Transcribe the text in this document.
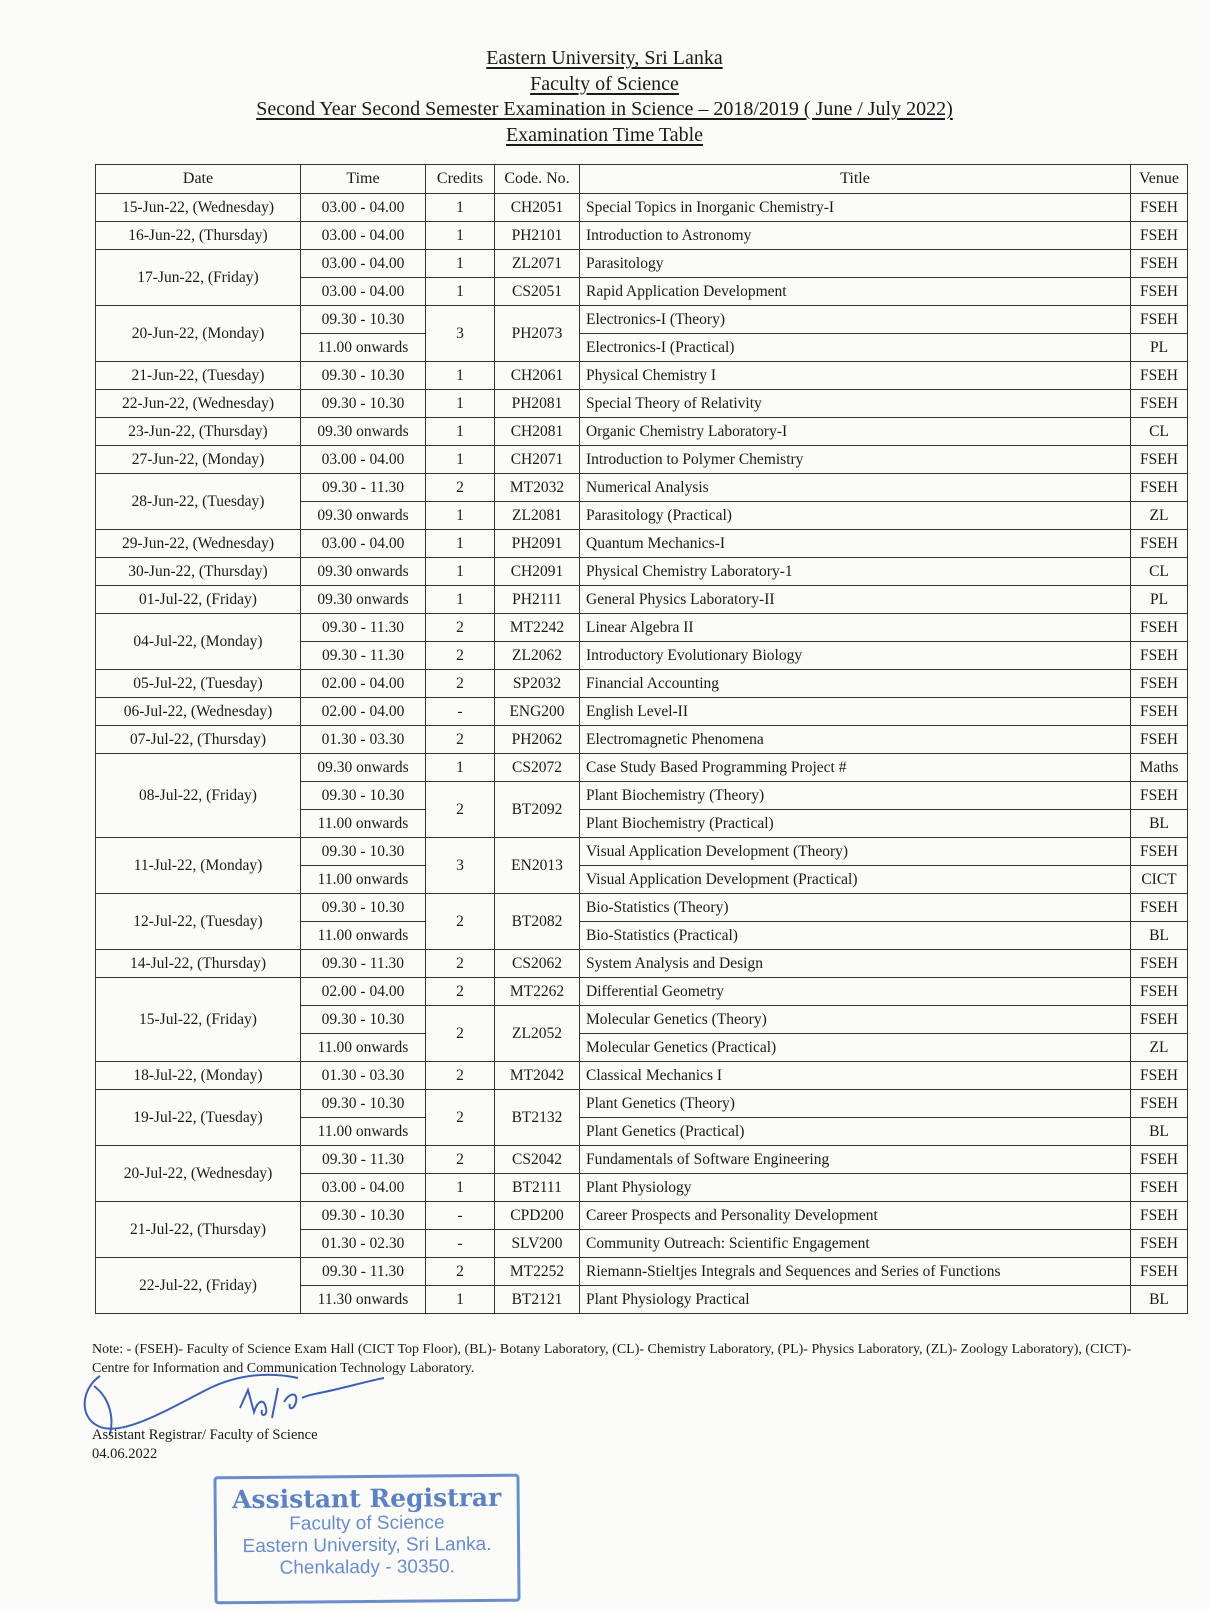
Eastern University, Sri Lanka
Faculty of Science
Second Year Second Semester Examination in Science – 2018/2019 ( June / July 2022)
Examination Time Table
Date	Time	Credits	Code. No.	Title	Venue
15-Jun-22, (Wednesday)	03.00 - 04.00	1	CH2051	Special Topics in Inorganic Chemistry-I	FSEH
16-Jun-22, (Thursday)	03.00 - 04.00	1	PH2101	Introduction to Astronomy	FSEH
17-Jun-22, (Friday)	03.00 - 04.00	1	ZL2071	Parasitology	FSEH
	03.00 - 04.00	1	CS2051	Rapid Application Development	FSEH
20-Jun-22, (Monday)	09.30 - 10.30	3	PH2073	Electronics-I (Theory)	FSEH
	11.00 onwards			Electronics-I (Practical)	PL
21-Jun-22, (Tuesday)	09.30 - 10.30	1	CH2061	Physical Chemistry I	FSEH
22-Jun-22, (Wednesday)	09.30 - 10.30	1	PH2081	Special Theory of Relativity	FSEH
23-Jun-22, (Thursday)	09.30 onwards	1	CH2081	Organic Chemistry Laboratory-I	CL
27-Jun-22, (Monday)	03.00 - 04.00	1	CH2071	Introduction to Polymer Chemistry	FSEH
28-Jun-22, (Tuesday)	09.30 - 11.30	2	MT2032	Numerical Analysis	FSEH
	09.30 onwards	1	ZL2081	Parasitology (Practical)	ZL
29-Jun-22, (Wednesday)	03.00 - 04.00	1	PH2091	Quantum Mechanics-I	FSEH
30-Jun-22, (Thursday)	09.30 onwards	1	CH2091	Physical Chemistry Laboratory-1	CL
01-Jul-22, (Friday)	09.30 onwards	1	PH2111	General Physics Laboratory-II	PL
04-Jul-22, (Monday)	09.30 - 11.30	2	MT2242	Linear Algebra II	FSEH
	09.30 - 11.30	2	ZL2062	Introductory Evolutionary Biology	FSEH
05-Jul-22, (Tuesday)	02.00 - 04.00	2	SP2032	Financial Accounting	FSEH
06-Jul-22, (Wednesday)	02.00 - 04.00	-	ENG200	English Level-II	FSEH
07-Jul-22, (Thursday)	01.30 - 03.30	2	PH2062	Electromagnetic Phenomena	FSEH
08-Jul-22, (Friday)	09.30 onwards	1	CS2072	Case Study Based Programming Project #	Maths
	09.30 - 10.30	2	BT2092	Plant Biochemistry (Theory)	FSEH
	11.00 onwards			Plant Biochemistry (Practical)	BL
11-Jul-22, (Monday)	09.30 - 10.30	3	EN2013	Visual Application Development (Theory)	FSEH
	11.00 onwards			Visual Application Development (Practical)	CICT
12-Jul-22, (Tuesday)	09.30 - 10.30	2	BT2082	Bio-Statistics (Theory)	FSEH
	11.00 onwards			Bio-Statistics (Practical)	BL
14-Jul-22, (Thursday)	09.30 - 11.30	2	CS2062	System Analysis and Design	FSEH
15-Jul-22, (Friday)	02.00 - 04.00	2	MT2262	Differential Geometry	FSEH
	09.30 - 10.30	2	ZL2052	Molecular Genetics (Theory)	FSEH
	11.00 onwards			Molecular Genetics (Practical)	ZL
18-Jul-22, (Monday)	01.30 - 03.30	2	MT2042	Classical Mechanics I	FSEH
19-Jul-22, (Tuesday)	09.30 - 10.30	2	BT2132	Plant Genetics (Theory)	FSEH
	11.00 onwards			Plant Genetics (Practical)	BL
20-Jul-22, (Wednesday)	09.30 - 11.30	2	CS2042	Fundamentals of Software Engineering	FSEH
	03.00 - 04.00	1	BT2111	Plant Physiology	FSEH
21-Jul-22, (Thursday)	09.30 - 10.30	-	CPD200	Career Prospects and Personality Development	FSEH
	01.30 - 02.30	-	SLV200	Community Outreach: Scientific Engagement	FSEH
22-Jul-22, (Friday)	09.30 - 11.30	2	MT2252	Riemann-Stieltjes Integrals and Sequences and Series of Functions	FSEH
	11.30 onwards	1	BT2121	Plant Physiology Practical	BL
Note: - (FSEH)- Faculty of Science Exam Hall (CICT Top Floor), (BL)- Botany Laboratory, (CL)- Chemistry Laboratory, (PL)- Physics Laboratory, (ZL)- Zoology Laboratory), (CICT)- Centre for Information and Communication Technology Laboratory.
Assistant Registrar/ Faculty of Science
04.06.2022
Assistant Registrar
Faculty of Science
Eastern University, Sri Lanka.
Chenkalady - 30350.
